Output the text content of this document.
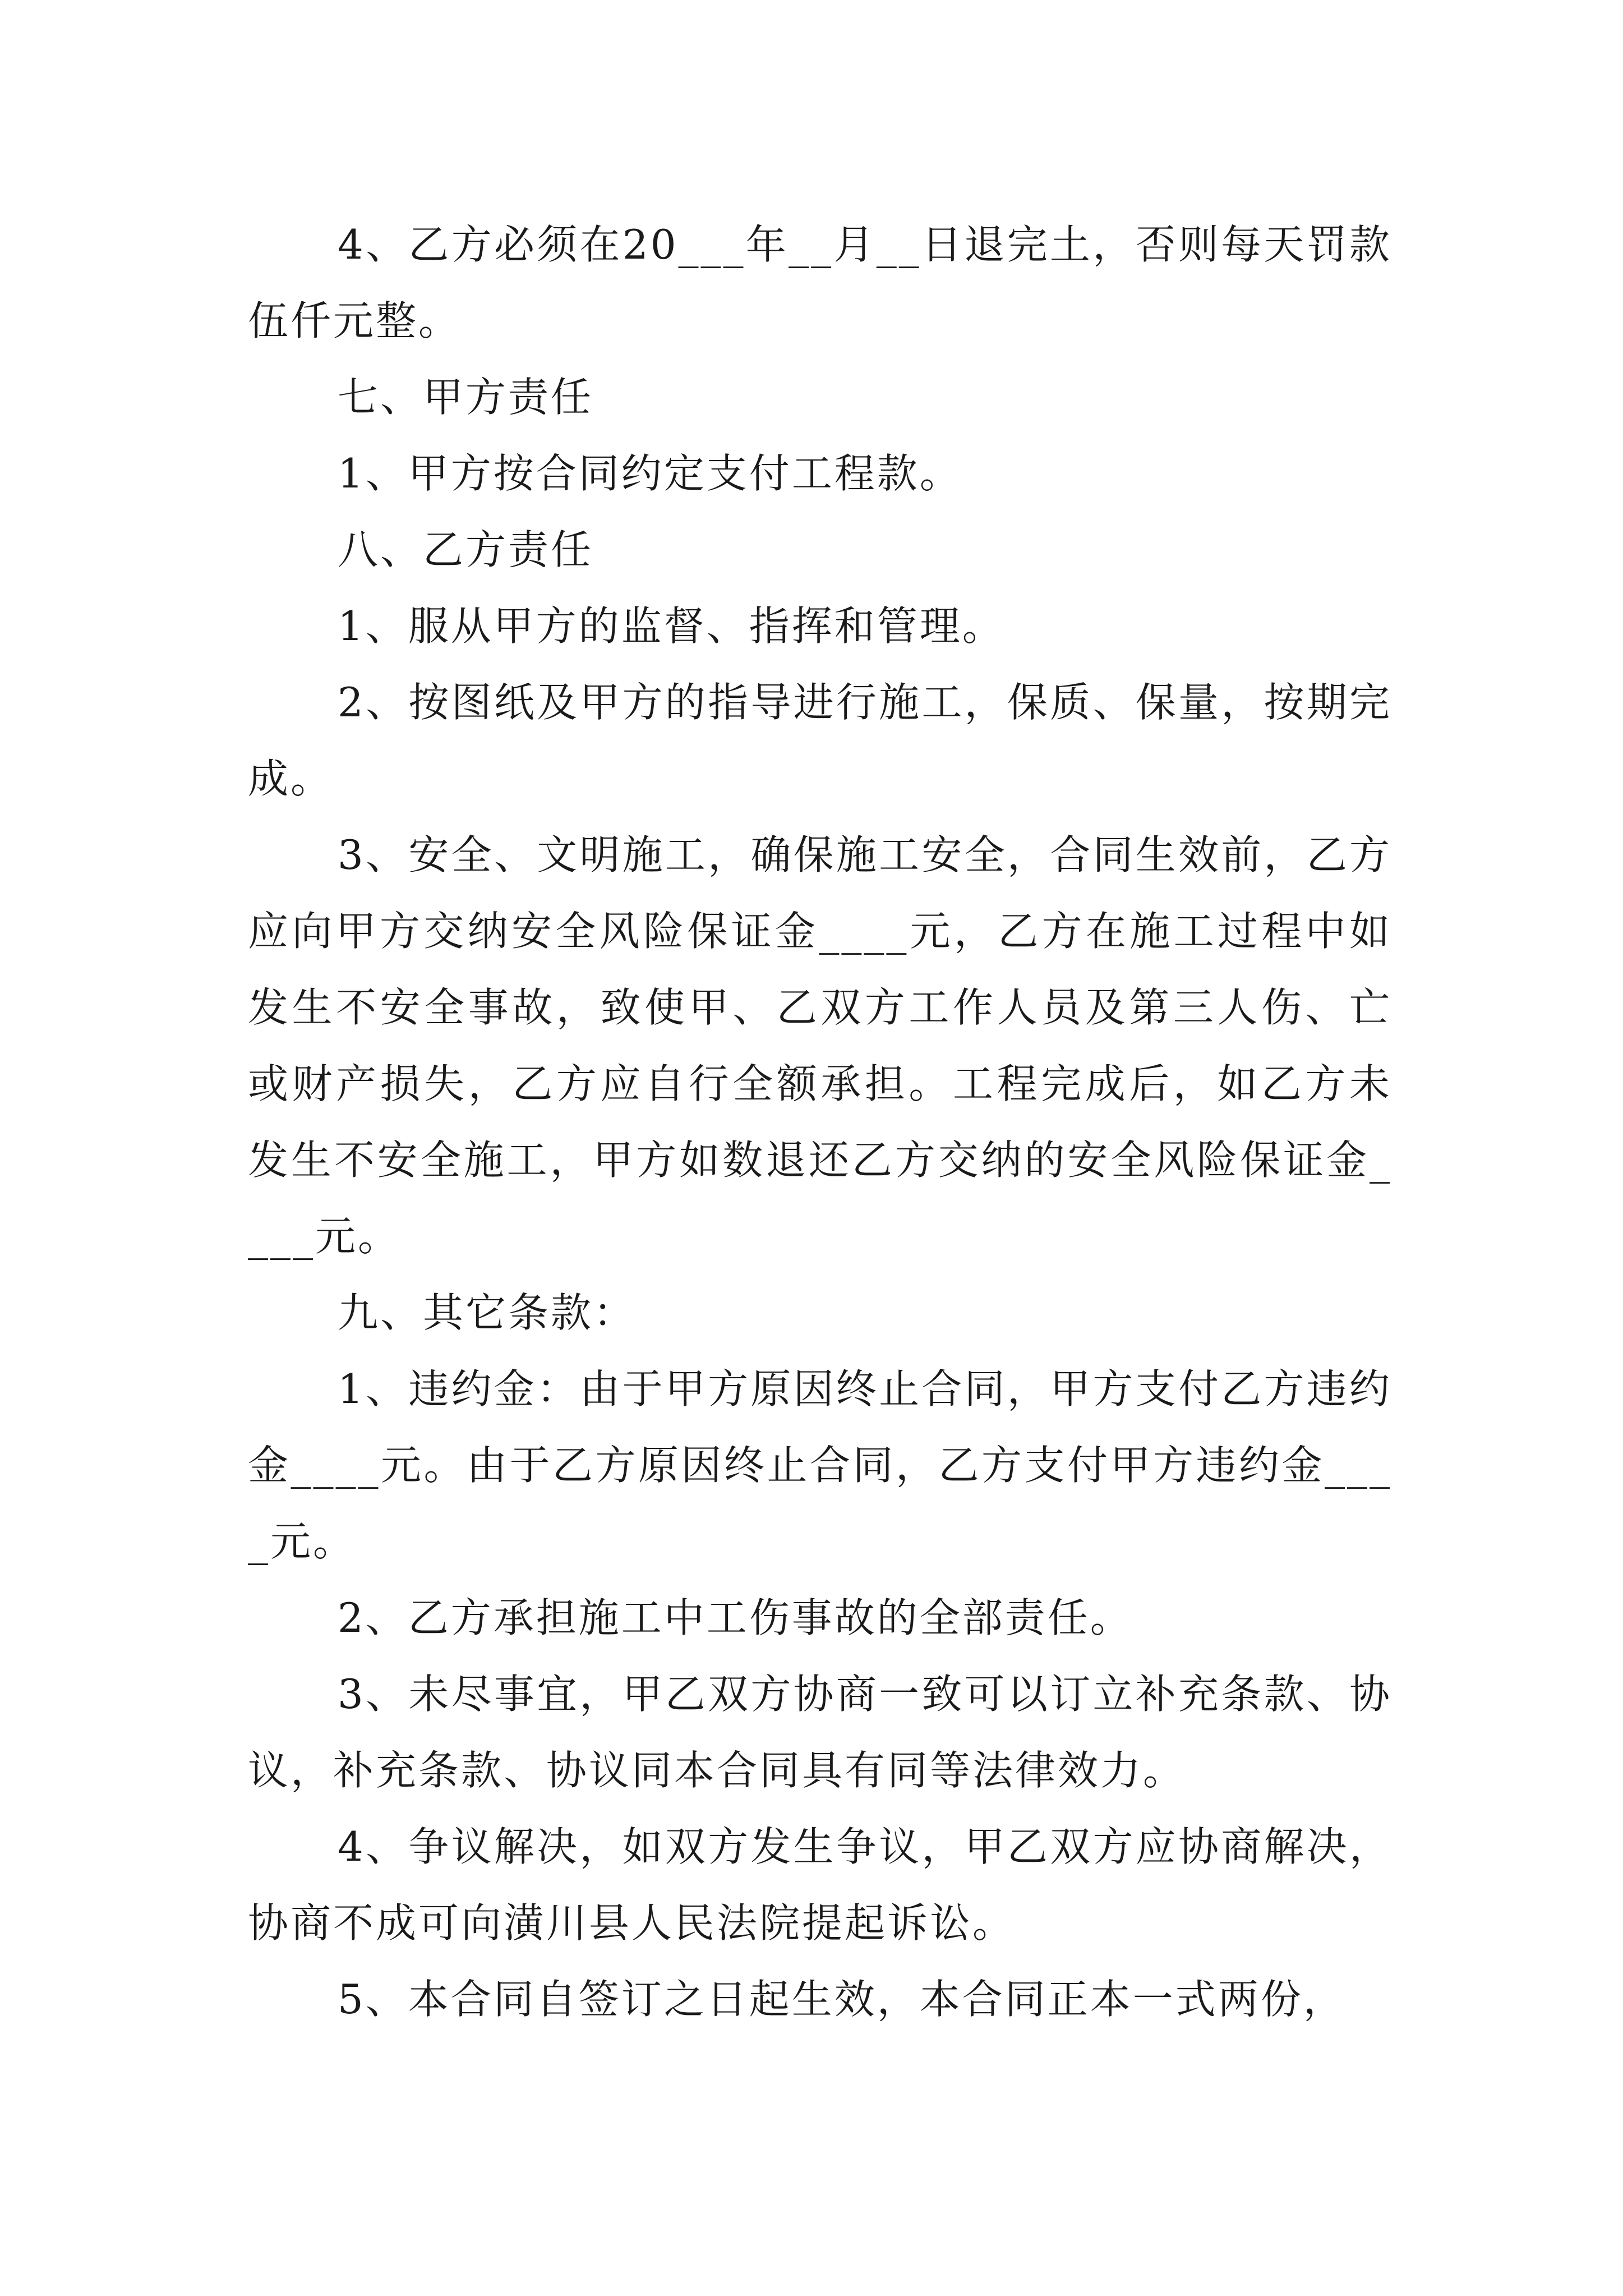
4、乙方必须在20___年__月__日退完土，否则每天罚款伍仟元整。

七、甲方责任

1、甲方按合同约定支付工程款。

八、乙方责任

1、服从甲方的监督、指挥和管理。

2、按图纸及甲方的指导进行施工，保质、保量，按期完成。

3、安全、文明施工，确保施工安全，合同生效前，乙方应向甲方交纳安全风险保证金____元，乙方在施工过程中如发生不安全事故，致使甲、乙双方工作人员及第三人伤、亡或财产损失，乙方应自行全额承担。工程完成后，如乙方未发生不安全施工，甲方如数退还乙方交纳的安全风险保证金____元。

九、其它条款：

1、违约金：由于甲方原因终止合同，甲方支付乙方违约金____元。由于乙方原因终止合同，乙方支付甲方违约金____元。

2、乙方承担施工中工伤事故的全部责任。

3、未尽事宜，甲乙双方协商一致可以订立补充条款、协议，补充条款、协议同本合同具有同等法律效力。

4、争议解决，如双方发生争议，甲乙双方应协商解决，协商不成可向潢川县人民法院提起诉讼。

5、本合同自签订之日起生效，本合同正本一式两份，
